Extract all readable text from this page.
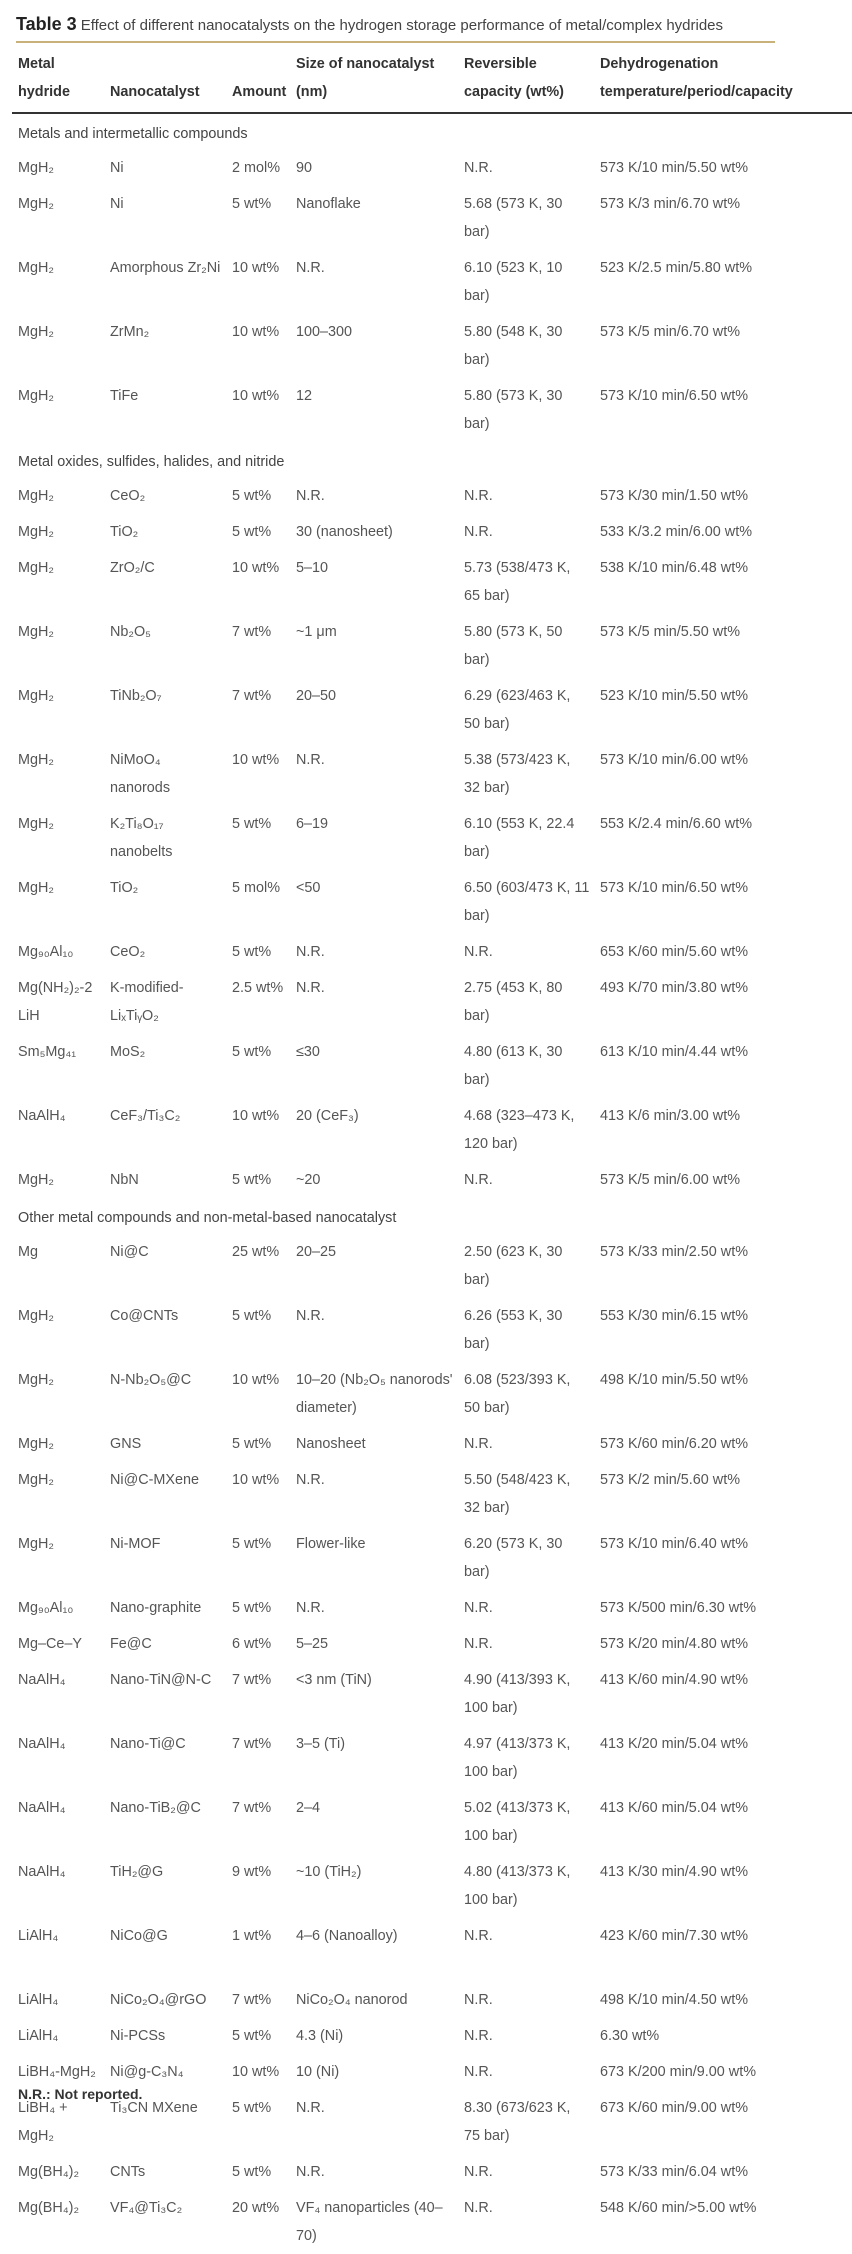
Table 3 Effect of different nanocatalysts on the hydrogen storage performance of metal/complex hydrides
Metal hydride	Nanocatalyst	Amount	Size of nanocatalyst (nm)	Reversible capacity (wt%)	Dehydrogenation temperature/period/capacity
Metals and intermetallic compounds					
MgH₂	Ni	2 mol%	90	N.R.	573 K/10 min/5.50 wt%
MgH₂	Ni	5 wt%	Nanoflake	5.68 (573 K, 30 bar)	573 K/3 min/6.70 wt%
MgH₂	Amorphous Zr₂Ni	10 wt%	N.R.	6.10 (523 K, 10 bar)	523 K/2.5 min/5.80 wt%
MgH₂	ZrMn₂	10 wt%	100–300	5.80 (548 K, 30 bar)	573 K/5 min/6.70 wt%
MgH₂	TiFe	10 wt%	12	5.80 (573 K, 30 bar)	573 K/10 min/6.50 wt%
Metal oxides, sulfides, halides, and nitride					
MgH₂	CeO₂	5 wt%	N.R.	N.R.	573 K/30 min/1.50 wt%
MgH₂	TiO₂	5 wt%	30 (nanosheet)	N.R.	533 K/3.2 min/6.00 wt%
MgH₂	ZrO₂/C	10 wt%	5–10	5.73 (538/473 K, 65 bar)	538 K/10 min/6.48 wt%
MgH₂	Nb₂O₅	7 wt%	~1 μm	5.80 (573 K, 50 bar)	573 K/5 min/5.50 wt%
MgH₂	TiNb₂O₇	7 wt%	20–50	6.29 (623/463 K, 50 bar)	523 K/10 min/5.50 wt%
MgH₂	NiMoO₄ nanorods	10 wt%	N.R.	5.38 (573/423 K, 32 bar)	573 K/10 min/6.00 wt%
MgH₂	K₂Ti₈O₁₇ nanobelts	5 wt%	6–19	6.10 (553 K, 22.4 bar)	553 K/2.4 min/6.60 wt%
MgH₂	TiO₂	5 mol%	<50	6.50 (603/473 K, 11 bar)	573 K/10 min/6.50 wt%
Mg₉₀Al₁₀	CeO₂	5 wt%	N.R.	N.R.	653 K/60 min/5.60 wt%
Mg(NH₂)₂-2LiH	K-modified-LiₓTiᵧO₂	2.5 wt%	N.R.	2.75 (453 K, 80 bar)	493 K/70 min/3.80 wt%
Sm₅Mg₄₁	MoS₂	5 wt%	≤30	4.80 (613 K, 30 bar)	613 K/10 min/4.44 wt%
NaAlH₄	CeF₃/Ti₃C₂	10 wt%	20 (CeF₃)	4.68 (323–473 K, 120 bar)	413 K/6 min/3.00 wt%
MgH₂	NbN	5 wt%	~20	N.R.	573 K/5 min/6.00 wt%
Other metal compounds and non-metal-based nanocatalyst					
Mg	Ni@C	25 wt%	20–25	2.50 (623 K, 30 bar)	573 K/33 min/2.50 wt%
MgH₂	Co@CNTs	5 wt%	N.R.	6.26 (553 K, 30 bar)	553 K/30 min/6.15 wt%
MgH₂	N-Nb₂O₅@C	10 wt%	10–20 (Nb₂O₅ nanorods' diameter)	6.08 (523/393 K, 50 bar)	498 K/10 min/5.50 wt%
MgH₂	GNS	5 wt%	Nanosheet	N.R.	573 K/60 min/6.20 wt%
MgH₂	Ni@C-MXene	10 wt%	N.R.	5.50 (548/423 K, 32 bar)	573 K/2 min/5.60 wt%
MgH₂	Ni-MOF	5 wt%	Flower-like	6.20 (573 K, 30 bar)	573 K/10 min/6.40 wt%
Mg₉₀Al₁₀	Nano-graphite	5 wt%	N.R.	N.R.	573 K/500 min/6.30 wt%
Mg–Ce–Y	Fe@C	6 wt%	5–25	N.R.	573 K/20 min/4.80 wt%
NaAlH₄	Nano-TiN@N-C	7 wt%	<3 nm (TiN)	4.90 (413/393 K, 100 bar)	413 K/60 min/4.90 wt%
NaAlH₄	Nano-Ti@C	7 wt%	3–5 (Ti)	4.97 (413/373 K, 100 bar)	413 K/20 min/5.04 wt%
NaAlH₄	Nano-TiB₂@C	7 wt%	2–4	5.02 (413/373 K, 100 bar)	413 K/60 min/5.04 wt%
NaAlH₄	TiH₂@G	9 wt%	~10 (TiH₂)	4.80 (413/373 K, 100 bar)	413 K/30 min/4.90 wt%
LiAlH₄	NiCo@G	1 wt%	4–6 (Nanoalloy)	N.R.	423 K/60 min/7.30 wt%
LiAlH₄	NiCo₂O₄@rGO	7 wt%	NiCo₂O₄ nanorod	N.R.	498 K/10 min/4.50 wt%
LiAlH₄	Ni-PCSs	5 wt%	4.3 (Ni)	N.R.	6.30 wt%
LiBH₄-MgH₂	Ni@g-C₃N₄	10 wt%	10 (Ni)	N.R.	673 K/200 min/9.00 wt%
LiBH₄ + MgH₂	Ti₃CN MXene	5 wt%	N.R.	8.30 (673/623 K, 75 bar)	673 K/60 min/9.00 wt%
Mg(BH₄)₂	CNTs	5 wt%	N.R.	N.R.	573 K/33 min/6.04 wt%
Mg(BH₄)₂	VF₄@Ti₃C₂	20 wt%	VF₄ nanoparticles (40–70)	N.R.	548 K/60 min/>5.00 wt%
N.R.: Not reported.
